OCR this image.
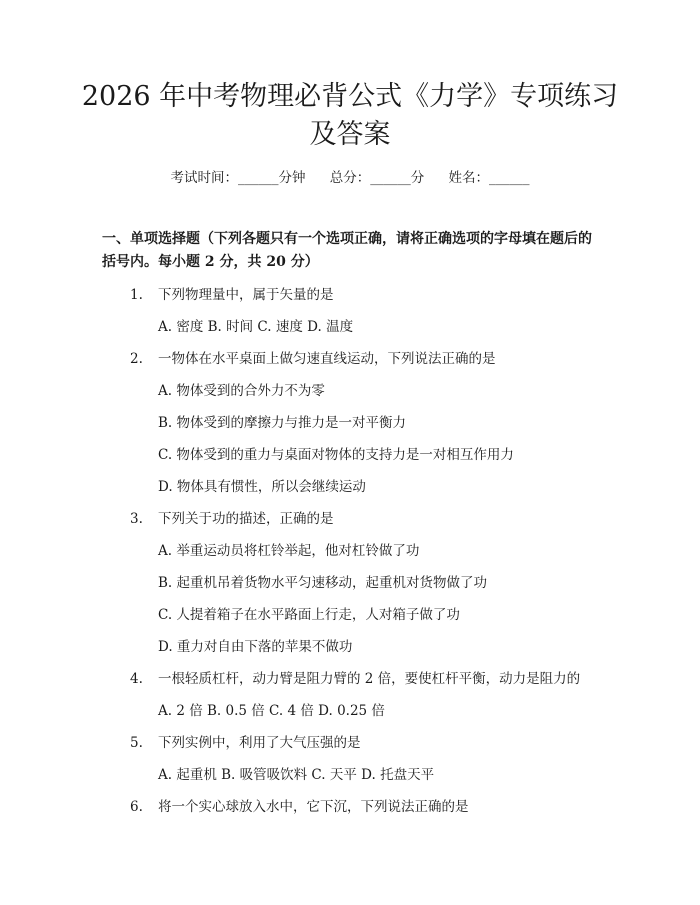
2026 年中考物理必背公式《力学》专项练习
及答案
考试时间：______分钟 总分：______分 姓名：______
一、单项选择题（下列各题只有一个选项正确，请将正确选项的字母填在题后的括号内。每小题 2 分，共 20 分）
1. 下列物理量中，属于矢量的是
A. 密度 B. 时间 C. 速度 D. 温度
2. 一物体在水平桌面上做匀速直线运动，下列说法正确的是
A. 物体受到的合外力不为零
B. 物体受到的摩擦力与推力是一对平衡力
C. 物体受到的重力与桌面对物体的支持力是一对相互作用力
D. 物体具有惯性，所以会继续运动
3. 下列关于功的描述，正确的是
A. 举重运动员将杠铃举起，他对杠铃做了功
B. 起重机吊着货物水平匀速移动，起重机对货物做了功
C. 人提着箱子在水平路面上行走，人对箱子做了功
D. 重力对自由下落的苹果不做功
4. 一根轻质杠杆，动力臂是阻力臂的 2 倍，要使杠杆平衡，动力是阻力的
A. 2 倍 B. 0.5 倍 C. 4 倍 D. 0.25 倍
5. 下列实例中，利用了大气压强的是
A. 起重机 B. 吸管吸饮料 C. 天平 D. 托盘天平
6. 将一个实心球放入水中，它下沉，下列说法正确的是
